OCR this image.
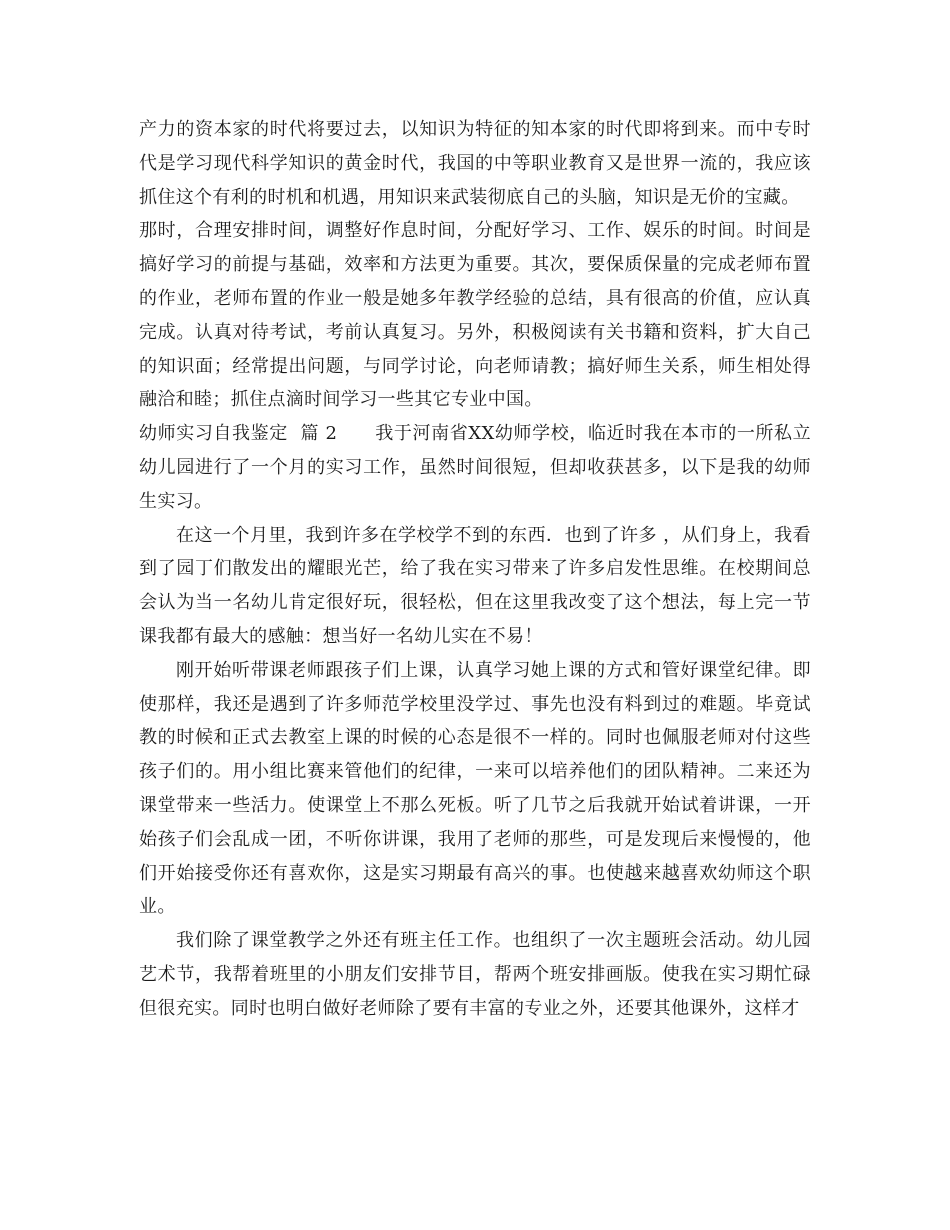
产力的资本家的时代将要过去，以知识为特征的知本家的时代即将到来。而中专时代是学习现代科学知识的黄金时代，我国的中等职业教育又是世界一流的，我应该抓住这个有利的时机和机遇，用知识来武装彻底自己的头脑，知识是无价的宝藏。

那时，合理安排时间，调整好作息时间，分配好学习、工作、娱乐的时间。时间是搞好学习的前提与基础，效率和方法更为重要。其次，要保质保量的完成老师布置的作业，老师布置的作业一般是她多年教学经验的总结，具有很高的价值，应认真完成。认真对待考试，考前认真复习。另外，积极阅读有关书籍和资料，扩大自己的知识面；经常提出问题，与同学讨论，向老师请教；搞好师生关系，师生相处得融洽和睦；抓住点滴时间学习一些其它专业中国。

幼师实习自我鉴定  篇 2 我于河南省XX幼师学校，临近时我在本市的一所私立幼儿园进行了一个月的实习工作，虽然时间很短，但却收获甚多，以下是我的幼师生实习。

在这一个月里，我到许多在学校学不到的东西．也到了许多 ，从们身上，我看到了园丁们散发出的耀眼光芒，给了我在实习带来了许多启发性思维。在校期间总会认为当一名幼儿肯定很好玩，很轻松，但在这里我改变了这个想法，每上完一节课我都有最大的感触：想当好一名幼儿实在不易！

刚开始听带课老师跟孩子们上课，认真学习她上课的方式和管好课堂纪律。即使那样，我还是遇到了许多师范学校里没学过、事先也没有料到过的难题。毕竟试教的时候和正式去教室上课的时候的心态是很不一样的。同时也佩服老师对付这些孩子们的。用小组比赛来管他们的纪律，一来可以培养他们的团队精神。二来还为课堂带来一些活力。使课堂上不那么死板。听了几节之后我就开始试着讲课，一开始孩子们会乱成一团，不听你讲课，我用了老师的那些，可是发现后来慢慢的，他们开始接受你还有喜欢你，这是实习期最有高兴的事。也使越来越喜欢幼师这个职业。

我们除了课堂教学之外还有班主任工作。也组织了一次主题班会活动。幼儿园艺术节，我帮着班里的小朋友们安排节目，帮两个班安排画版。使我在实习期忙碌但很充实。同时也明白做好老师除了要有丰富的专业之外，还要其他课外，这样才
